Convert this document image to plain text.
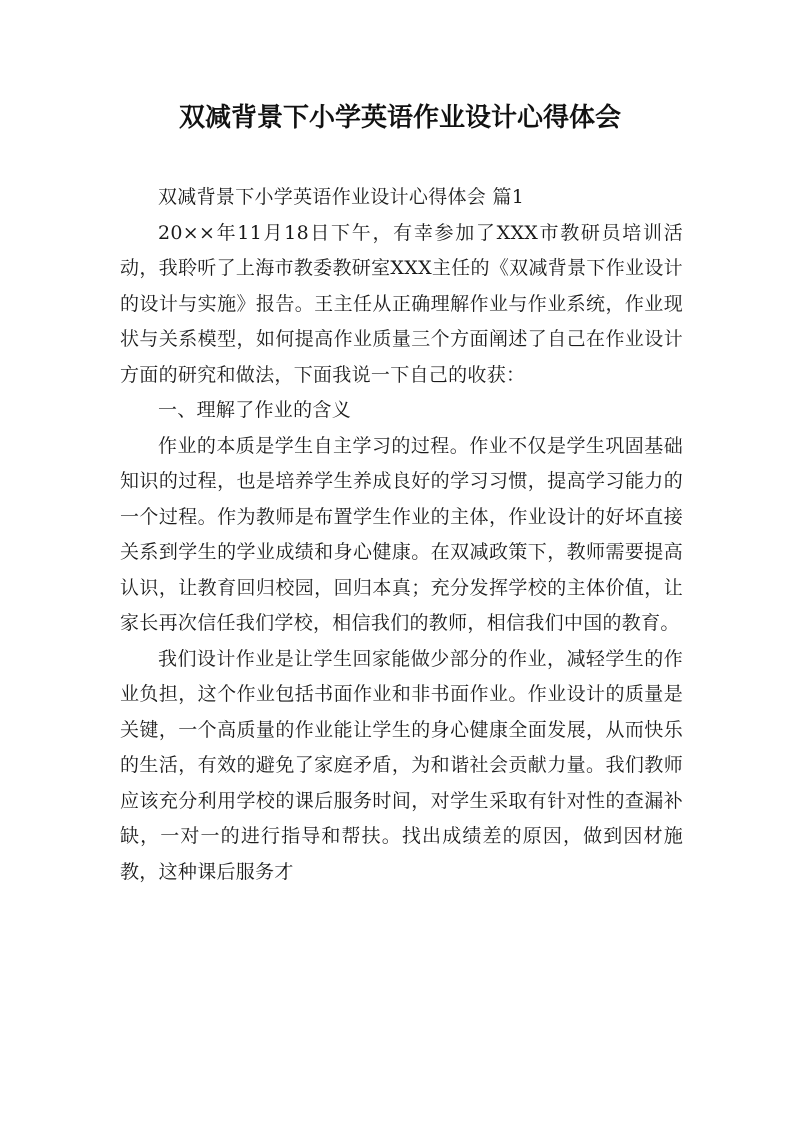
双减背景下小学英语作业设计心得体会

双减背景下小学英语作业设计心得体会 篇1

20××年11月18日下午，有幸参加了XXX市教研员培训活动，我聆听了上海市教委教研室XXX主任的《双减背景下作业设计的设计与实施》报告。王主任从正确理解作业与作业系统，作业现状与关系模型，如何提高作业质量三个方面阐述了自己在作业设计方面的研究和做法，下面我说一下自己的收获：

一、理解了作业的含义

作业的本质是学生自主学习的过程。作业不仅是学生巩固基础知识的过程，也是培养学生养成良好的学习习惯，提高学习能力的一个过程。作为教师是布置学生作业的主体，作业设计的好坏直接关系到学生的学业成绩和身心健康。在双减政策下，教师需要提高认识，让教育回归校园，回归本真；充分发挥学校的主体价值，让家长再次信任我们学校，相信我们的教师，相信我们中国的教育。

我们设计作业是让学生回家能做少部分的作业，减轻学生的作业负担，这个作业包括书面作业和非书面作业。作业设计的质量是关键，一个高质量的作业能让学生的身心健康全面发展，从而快乐的生活，有效的避免了家庭矛盾，为和谐社会贡献力量。我们教师应该充分利用学校的课后服务时间，对学生采取有针对性的查漏补缺，一对一的进行指导和帮扶。找出成绩差的原因，做到因材施教，这种课后服务才
